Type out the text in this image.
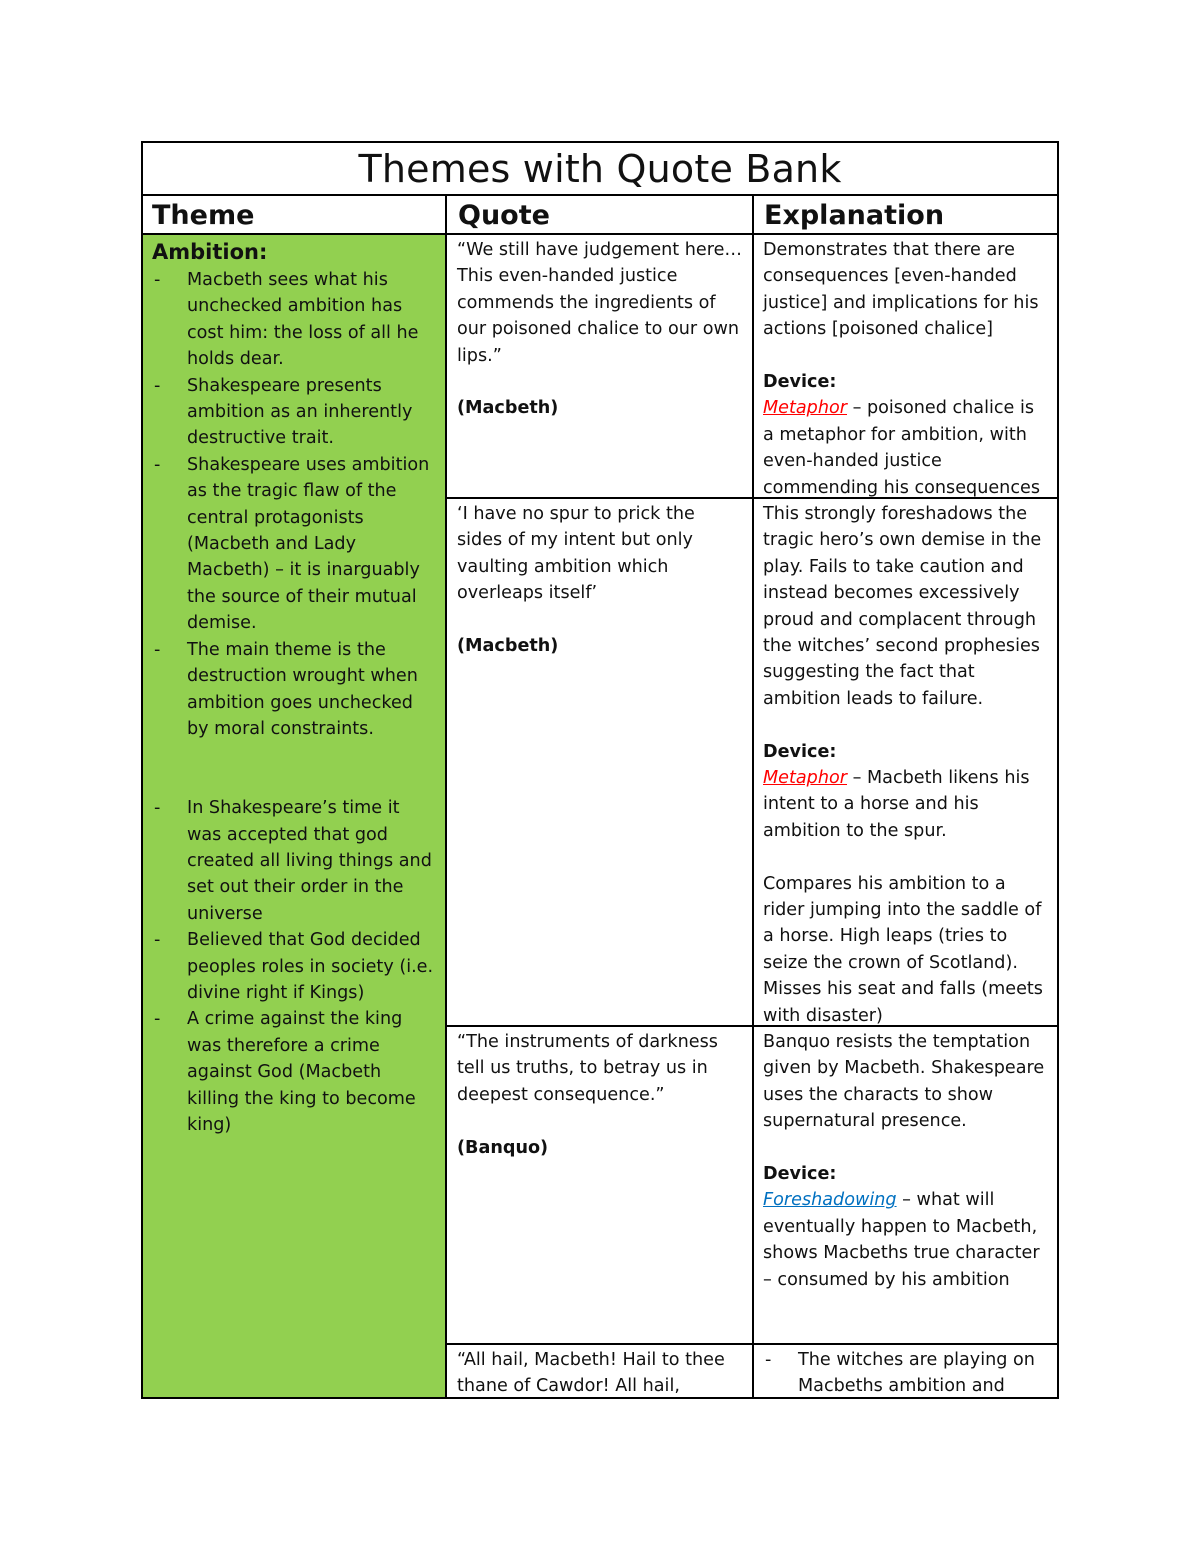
Themes with Quote Bank
Theme	Quote	Explanation

Ambition:

- Macbeth sees what his unchecked ambition has cost him: the loss of all he holds dear.
- Shakespeare presents ambition as an inherently destructive trait.
- Shakespeare uses ambition as the tragic flaw of the central protagonists (Macbeth and Lady Macbeth) – it is inarguably the source of their mutual demise.
- The main theme is the destruction wrought when ambition goes unchecked by moral constraints.
- In Shakespeare’s time it was accepted that god created all living things and set out their order in the universe
- Believed that God decided peoples roles in society (i.e. divine right if Kings)
- A crime against the king was therefore a crime against God (Macbeth killing the king to become king)

“We still have judgement here… This even-handed justice commends the ingredients of our poisoned chalice to our own lips.”

(Macbeth)

Demonstrates that there are consequences [even-handed justice] and implications for his actions [poisoned chalice]

Device:

Metaphor – poisoned chalice is a metaphor for ambition, with even-handed justice commending his consequences

‘I have no spur to prick the sides of my intent but only vaulting ambition which overleaps itself’

(Macbeth)

This strongly foreshadows the tragic hero’s own demise in the play. Fails to take caution and instead becomes excessively proud and complacent through the witches’ second prophesies suggesting the fact that ambition leads to failure.

Device:

Metaphor – Macbeth likens his intent to a horse and his ambition to the spur.

Compares his ambition to a rider jumping into the saddle of a horse. High leaps (tries to seize the crown of Scotland). Misses his seat and falls (meets with disaster)

“The instruments of darkness tell us truths, to betray us in deepest consequence.”

(Banquo)

Banquo resists the temptation given by Macbeth. Shakespeare uses the characts to show supernatural presence.

Device:

Foreshadowing – what will eventually happen to Macbeth, shows Macbeths true character – consumed by his ambition

“All hail, Macbeth! Hail to thee thane of Cawdor! All hail,

- The witches are playing on Macbeths ambition and
